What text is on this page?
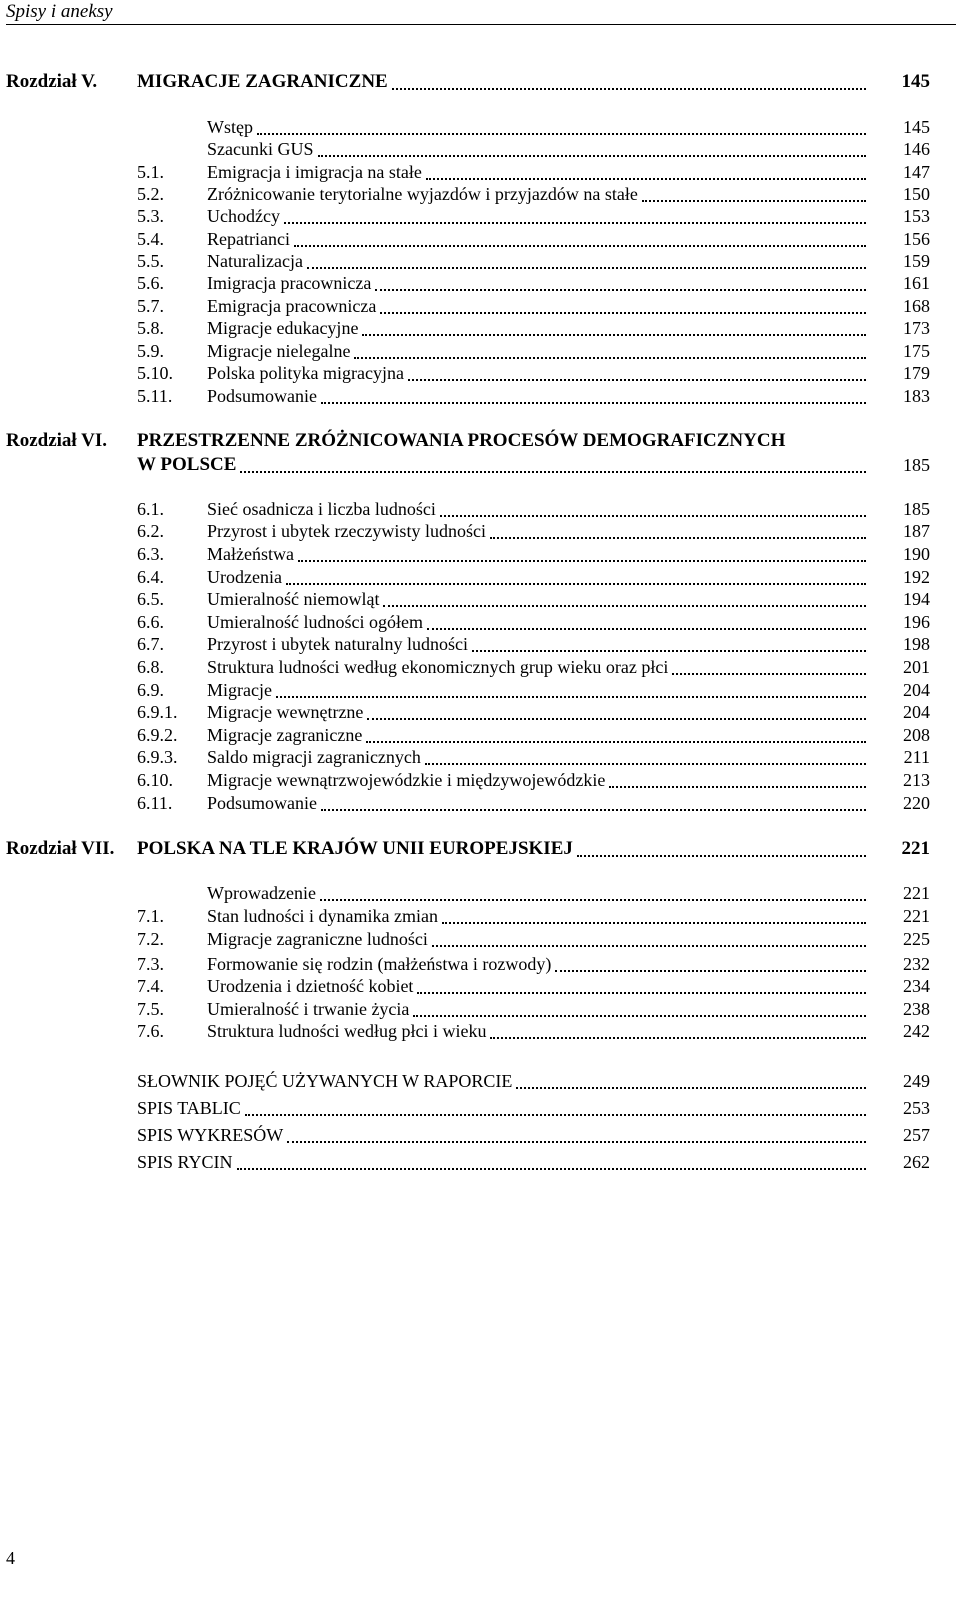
Spisy i aneksy
Rozdział V. MIGRACJE ZAGRANICZNE	145
Wstęp	145
Szacunki GUS	146
5.1. Emigracja i imigracja na stałe	147
5.2. Zróżnicowanie terytorialne wyjazdów i przyjazdów na stałe	150
5.3. Uchodźcy	153
5.4. Repatrianci	156
5.5. Naturalizacja	159
5.6. Imigracja pracownicza	161
5.7. Emigracja pracownicza	168
5.8. Migracje edukacyjne	173
5.9. Migracje nielegalne	175
5.10. Polska polityka migracyjna	179
5.11. Podsumowanie	183
Rozdział VI. PRZESTRZENNE ZRÓŻNICOWANIA PROCESÓW DEMOGRAFICZNYCH
W POLSCE	185
6.1. Sieć osadnicza i liczba ludności	185
6.2. Przyrost i ubytek rzeczywisty ludności	187
6.3. Małżeństwa	190
6.4. Urodzenia	192
6.5. Umieralność niemowląt	194
6.6. Umieralność ludności ogółem	196
6.7. Przyrost i ubytek naturalny ludności	198
6.8. Struktura ludności według ekonomicznych grup wieku oraz płci	201
6.9. Migracje	204
6.9.1. Migracje wewnętrzne	204
6.9.2. Migracje zagraniczne	208
6.9.3. Saldo migracji zagranicznych	211
6.10. Migracje wewnątrzwojewódzkie i międzywojewódzkie	213
6.11. Podsumowanie	220
Rozdział VII. POLSKA NA TLE KRAJÓW UNII EUROPEJSKIEJ	221
Wprowadzenie	221
7.1. Stan ludności i dynamika zmian	221
7.2. Migracje zagraniczne ludności	225
7.3. Formowanie się rodzin (małżeństwa i rozwody)	232
7.4. Urodzenia i dzietność kobiet	234
7.5. Umieralność i trwanie życia	238
7.6. Struktura ludności według płci i wieku	242
SŁOWNIK POJĘĆ UŻYWANYCH W RAPORCIE	249
SPIS TABLIC	253
SPIS WYKRESÓW	257
SPIS RYCIN	262
4
